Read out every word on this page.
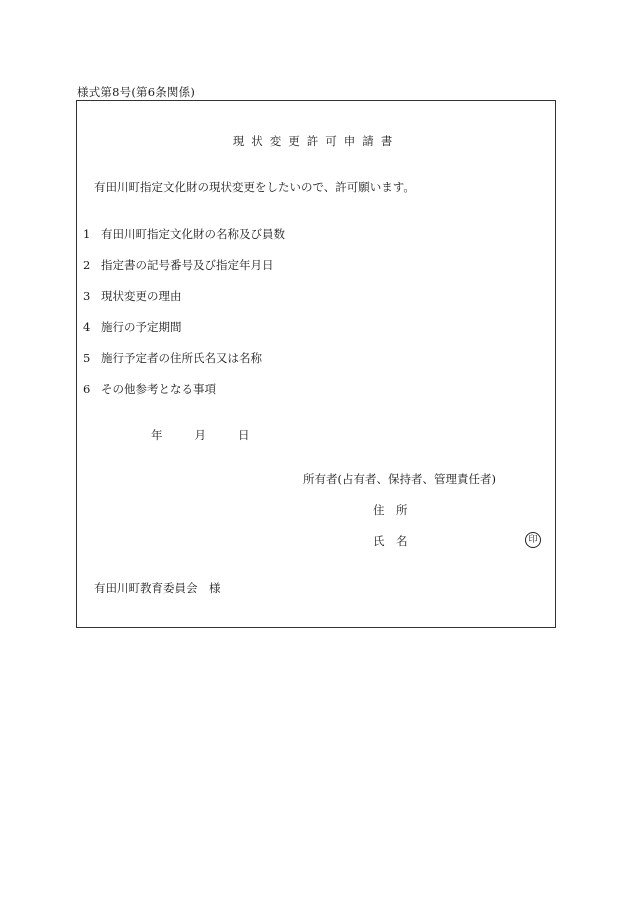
様式第8号(第6条関係)
現状変更許可申請書
有田川町指定文化財の現状変更をしたいので、許可願います。
1 有田川町指定文化財の名称及び員数
2 指定書の記号番号及び指定年月日
3 現状変更の理由
4 施行の予定期間
5 施行予定者の住所氏名又は名称
6 その他参考となる事項
年	月	日
所有者(占有者、保持者、管理責任者)
住　所
氏　名	印
有田川町教育委員会　様
